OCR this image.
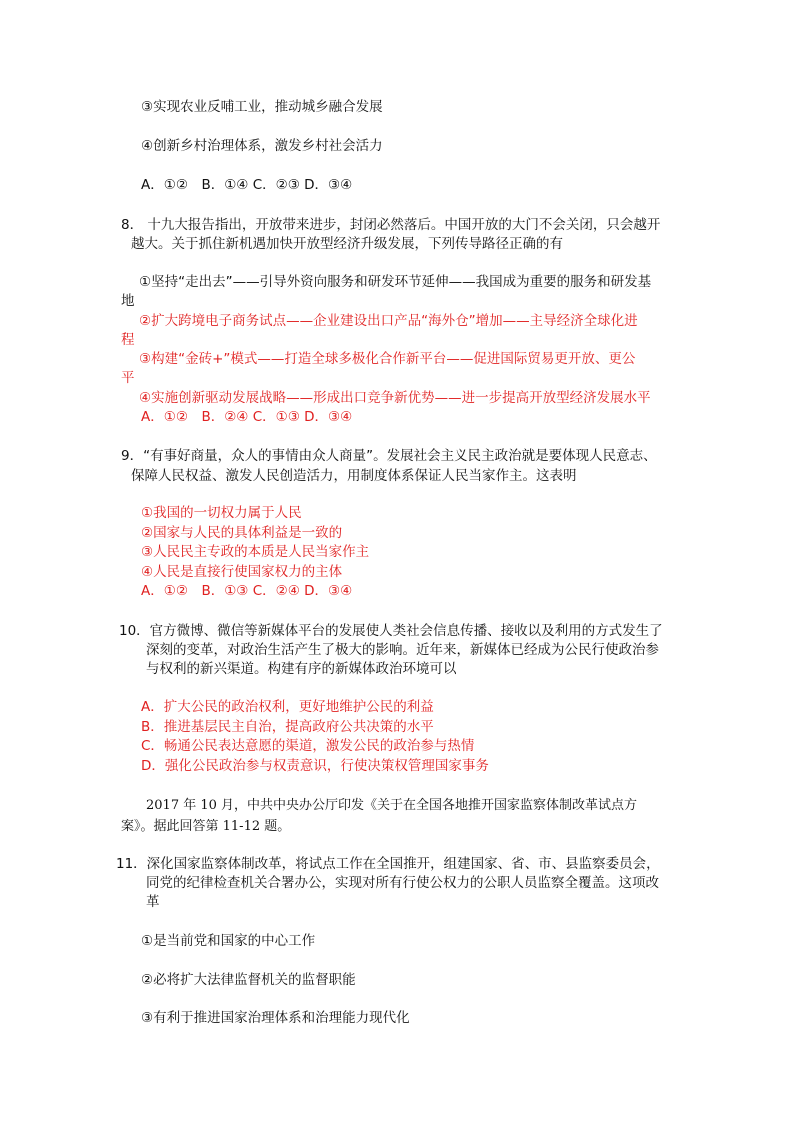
③实现农业反哺工业，推动城乡融合发展
④创新乡村治理体系，激发乡村社会活力
A．①②　B．①④ C．②③ D．③④
8． 十九大报告指出，开放带来进步，封闭必然落后。中国开放的大门不会关闭，只会越开
越大。关于抓住新机遇加快开放型经济升级发展，下列传导路径正确的有
①坚持“走出去”——引导外资向服务和研发环节延伸——我国成为重要的服务和研发基
地
②扩大跨境电子商务试点——企业建设出口产品“海外仓”增加——主导经济全球化进
程
③构建“金砖+”模式——打造全球多极化合作新平台——促进国际贸易更开放、更公
平
④实施创新驱动发展战略——形成出口竞争新优势——进一步提高开放型经济发展水平
A．①②　B．②④ C．①③ D．③④
9．“有事好商量，众人的事情由众人商量”。发展社会主义民主政治就是要体现人民意志、
保障人民权益、激发人民创造活力，用制度体系保证人民当家作主。这表明
①我国的一切权力属于人民
②国家与人民的具体利益是一致的
③人民民主专政的本质是人民当家作主
④人民是直接行使国家权力的主体
A．①②　B．①③ C．②④ D．③④
10．官方微博、微信等新媒体平台的发展使人类社会信息传播、接收以及利用的方式发生了
深刻的变革，对政治生活产生了极大的影响。近年来，新媒体已经成为公民行使政治参
与权利的新兴渠道。构建有序的新媒体政治环境可以
A．扩大公民的政治权利，更好地维护公民的利益
B．推进基层民主自治，提高政府公共决策的水平
C．畅通公民表达意愿的渠道，激发公民的政治参与热情
D．强化公民政治参与权责意识，行使决策权管理国家事务
2017 年 10 月，中共中央办公厅印发《关于在全国各地推开国家监察体制改革试点方
案》。据此回答第 11-12 题。
11．深化国家监察体制改革，将试点工作在全国推开，组建国家、省、市、县监察委员会，
同党的纪律检查机关合署办公，实现对所有行使公权力的公职人员监察全覆盖。这项改
革
①是当前党和国家的中心工作
②必将扩大法律监督机关的监督职能
③有利于推进国家治理体系和治理能力现代化
